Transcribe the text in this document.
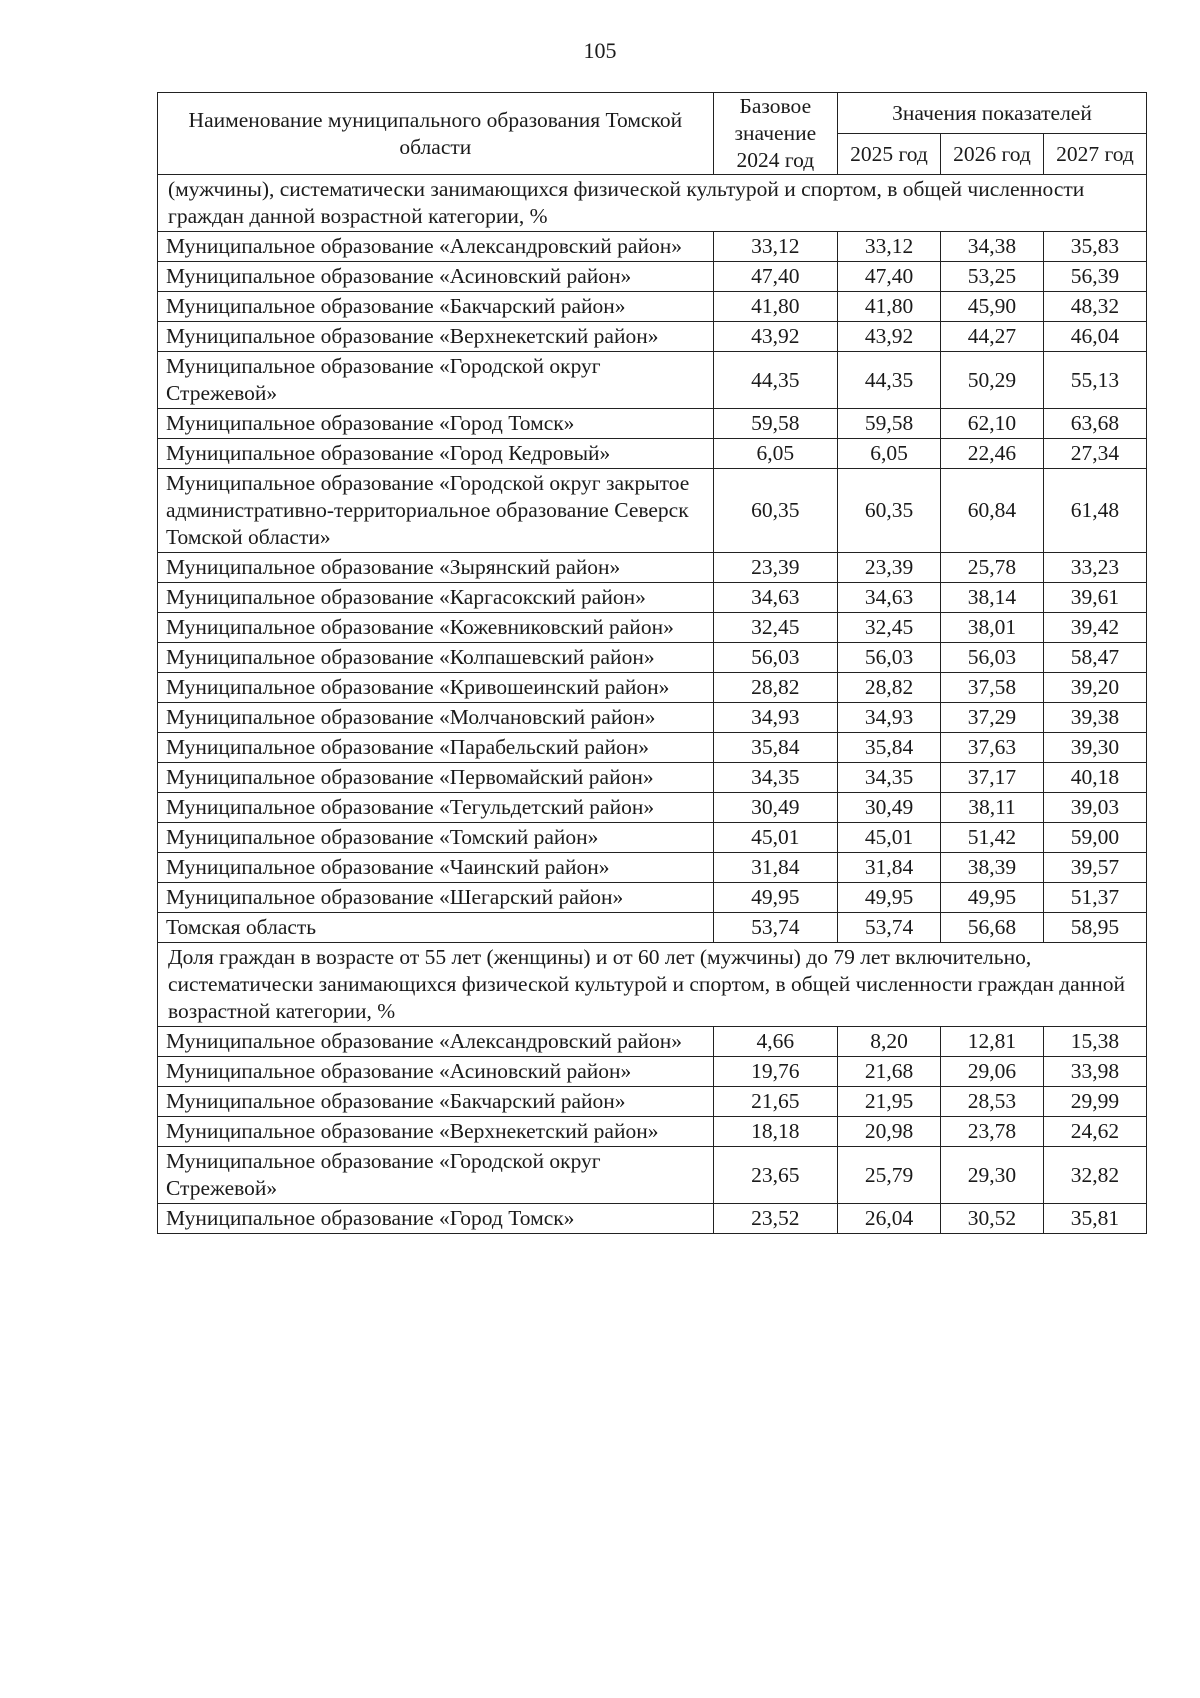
105
Наименование муниципального образования Томской области	Базовое значение 2024 год	Значения показателей		
		2025 год	2026 год	2027 год
(мужчины), систематически занимающихся физической культурой и спортом, в общей численности граждан данной возрастной категории, %				
Муниципальное образование «Александровский район»	33,12	33,12	34,38	35,83
Муниципальное образование «Асиновский район»	47,40	47,40	53,25	56,39
Муниципальное образование «Бакчарский район»	41,80	41,80	45,90	48,32
Муниципальное образование «Верхнекетский район»	43,92	43,92	44,27	46,04
Муниципальное образование «Городской округ Стрежевой»	44,35	44,35	50,29	55,13
Муниципальное образование «Город Томск»	59,58	59,58	62,10	63,68
Муниципальное образование «Город Кедровый»	6,05	6,05	22,46	27,34
Муниципальное образование «Городской округ закрытое административно-территориальное образование Северск Томской области»	60,35	60,35	60,84	61,48
Муниципальное образование «Зырянский район»	23,39	23,39	25,78	33,23
Муниципальное образование «Каргасокский район»	34,63	34,63	38,14	39,61
Муниципальное образование «Кожевниковский район»	32,45	32,45	38,01	39,42
Муниципальное образование «Колпашевский район»	56,03	56,03	56,03	58,47
Муниципальное образование «Кривошеинский район»	28,82	28,82	37,58	39,20
Муниципальное образование «Молчановский район»	34,93	34,93	37,29	39,38
Муниципальное образование «Парабельский район»	35,84	35,84	37,63	39,30
Муниципальное образование «Первомайский район»	34,35	34,35	37,17	40,18
Муниципальное образование «Тегульдетский район»	30,49	30,49	38,11	39,03
Муниципальное образование «Томский район»	45,01	45,01	51,42	59,00
Муниципальное образование «Чаинский район»	31,84	31,84	38,39	39,57
Муниципальное образование «Шегарский район»	49,95	49,95	49,95	51,37
Томская область	53,74	53,74	56,68	58,95
Доля граждан в возрасте от 55 лет (женщины) и от 60 лет (мужчины) до 79 лет включительно, систематически занимающихся физической культурой и спортом, в общей численности граждан данной возрастной категории, %				
Муниципальное образование «Александровский район»	4,66	8,20	12,81	15,38
Муниципальное образование «Асиновский район»	19,76	21,68	29,06	33,98
Муниципальное образование «Бакчарский район»	21,65	21,95	28,53	29,99
Муниципальное образование «Верхнекетский район»	18,18	20,98	23,78	24,62
Муниципальное образование «Городской округ Стрежевой»	23,65	25,79	29,30	32,82
Муниципальное образование «Город Томск»	23,52	26,04	30,52	35,81
